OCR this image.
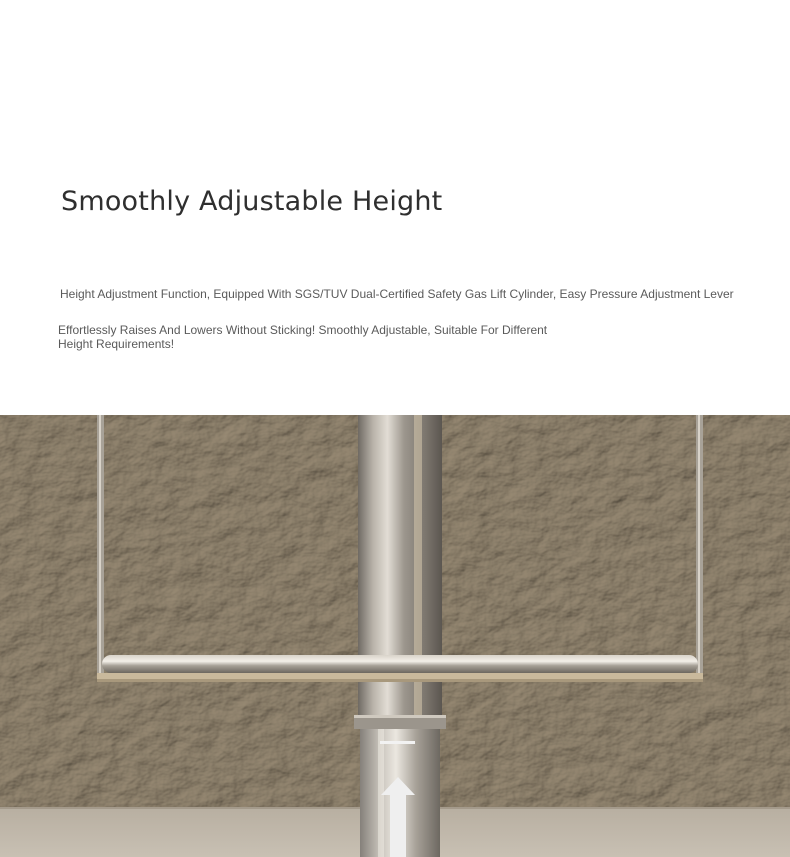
Smoothly Adjustable Height

Height Adjustment Function, Equipped With SGS/TUV Dual-Certified Safety Gas Lift Cylinder, Easy Pressure Adjustment Lever

Effortlessly Raises And Lowers Without Sticking! Smoothly Adjustable, Suitable For Different Height Requirements!
